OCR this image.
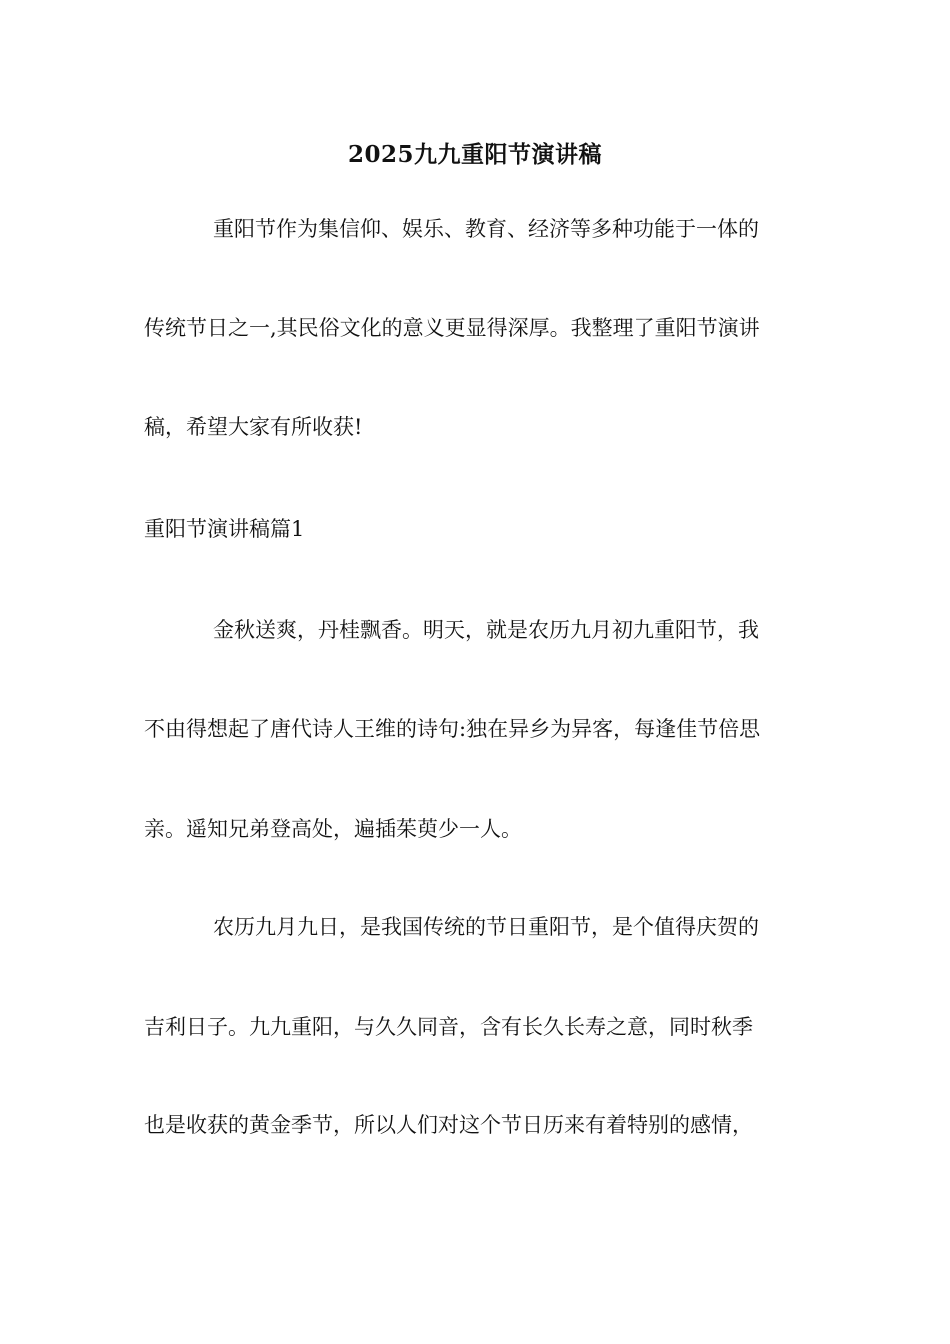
2025九九重阳节演讲稿
重阳节作为集信仰、娱乐、教育、经济等多种功能于一体的
传统节日之一,其民俗文化的意义更显得深厚。我整理了重阳节演讲
稿，希望大家有所收获!
重阳节演讲稿篇1
金秋送爽，丹桂飘香。明天，就是农历九月初九重阳节，我
不由得想起了唐代诗人王维的诗句:独在异乡为异客，每逢佳节倍思
亲。遥知兄弟登高处，遍插茱萸少一人。
农历九月九日，是我国传统的节日重阳节，是个值得庆贺的
吉利日子。九九重阳，与久久同音，含有长久长寿之意，同时秋季
也是收获的黄金季节，所以人们对这个节日历来有着特别的感情，
